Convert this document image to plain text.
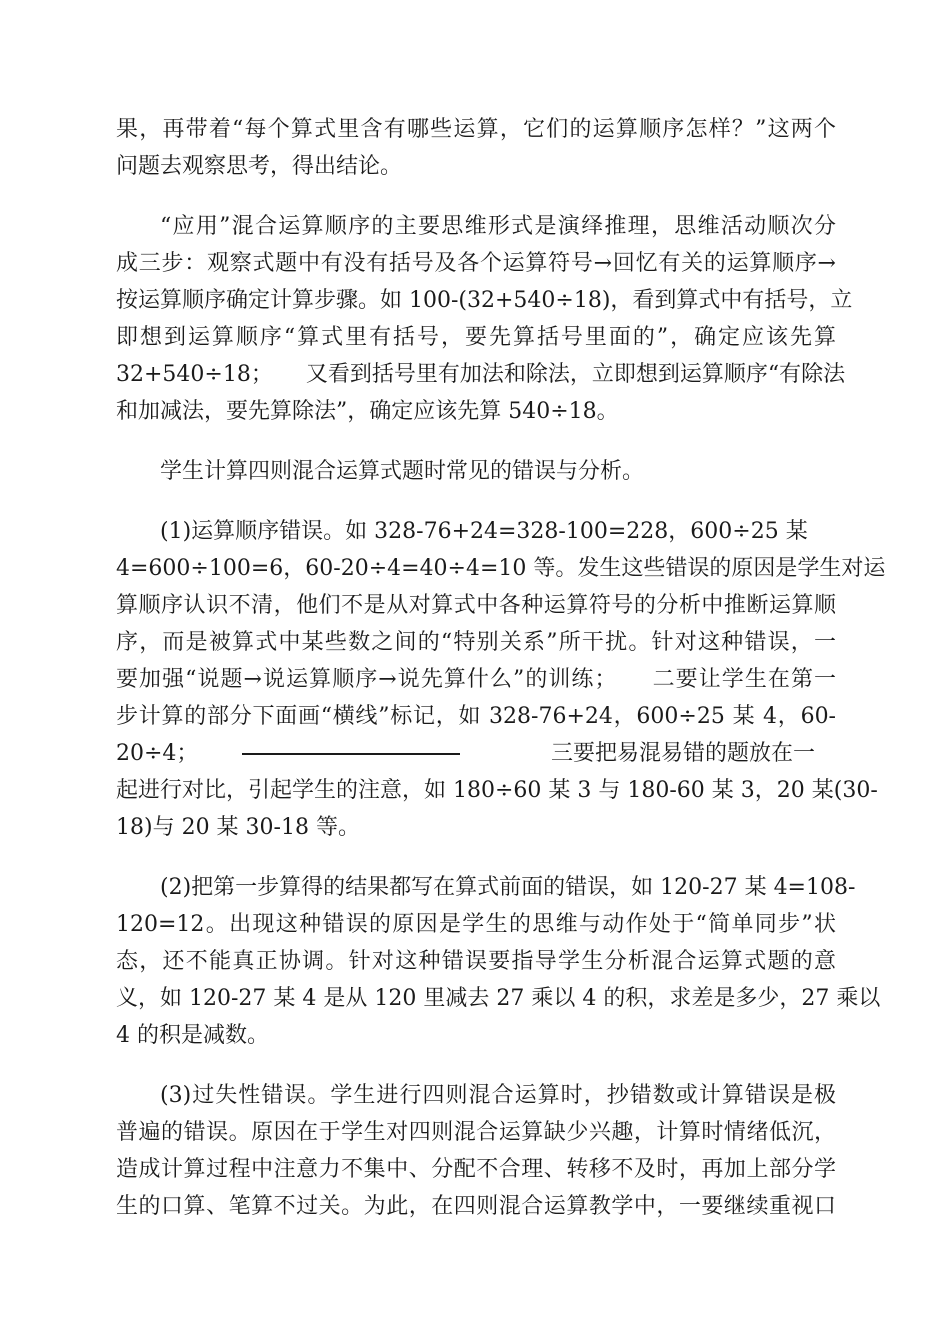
果，再带着“每个算式里含有哪些运算，它们的运算顺序怎样？”这两个
问题去观察思考，得出结论。
“应用”混合运算顺序的主要思维形式是演绎推理，思维活动顺次分
成三步：观察式题中有没有括号及各个运算符号→回忆有关的运算顺序→
按运算顺序确定计算步骤。如 100-(32+540÷18)，看到算式中有括号，立
即想到运算顺序“算式里有括号，要先算括号里面的”，确定应该先算
32+540÷18；　　又看到括号里有加法和除法，立即想到运算顺序“有除法
和加减法，要先算除法”，确定应该先算 540÷18。
学生计算四则混合运算式题时常见的错误与分析。
(1)运算顺序错误。如 328-76+24=328-100=228，600÷25 某
4=600÷100=6，60-20÷4=40÷4=10 等。发生这些错误的原因是学生对运
算顺序认识不清，他们不是从对算式中各种运算符号的分析中推断运算顺
序，而是被算式中某些数之间的“特别关系”所干扰。针对这种错误，一
要加强“说题→说运算顺序→说先算什么”的训练；　　二要让学生在第一
步计算的部分下面画“横线”标记，如 328-76+24，600÷25 某 4，60-
20÷4；	三要把易混易错的题放在一
起进行对比，引起学生的注意，如 180÷60 某 3 与 180-60 某 3，20 某(30-
18)与 20 某 30-18 等。
(2)把第一步算得的结果都写在算式前面的错误，如 120-27 某 4=108-
120=12。出现这种错误的原因是学生的思维与动作处于“简单同步”状
态，还不能真正协调。针对这种错误要指导学生分析混合运算式题的意
义，如 120-27 某 4 是从 120 里减去 27 乘以 4 的积，求差是多少，27 乘以
4 的积是减数。
(3)过失性错误。学生进行四则混合运算时，抄错数或计算错误是极
普遍的错误。原因在于学生对四则混合运算缺少兴趣，计算时情绪低沉，
造成计算过程中注意力不集中、分配不合理、转移不及时，再加上部分学
生的口算、笔算不过关。为此，在四则混合运算教学中，一要继续重视口
